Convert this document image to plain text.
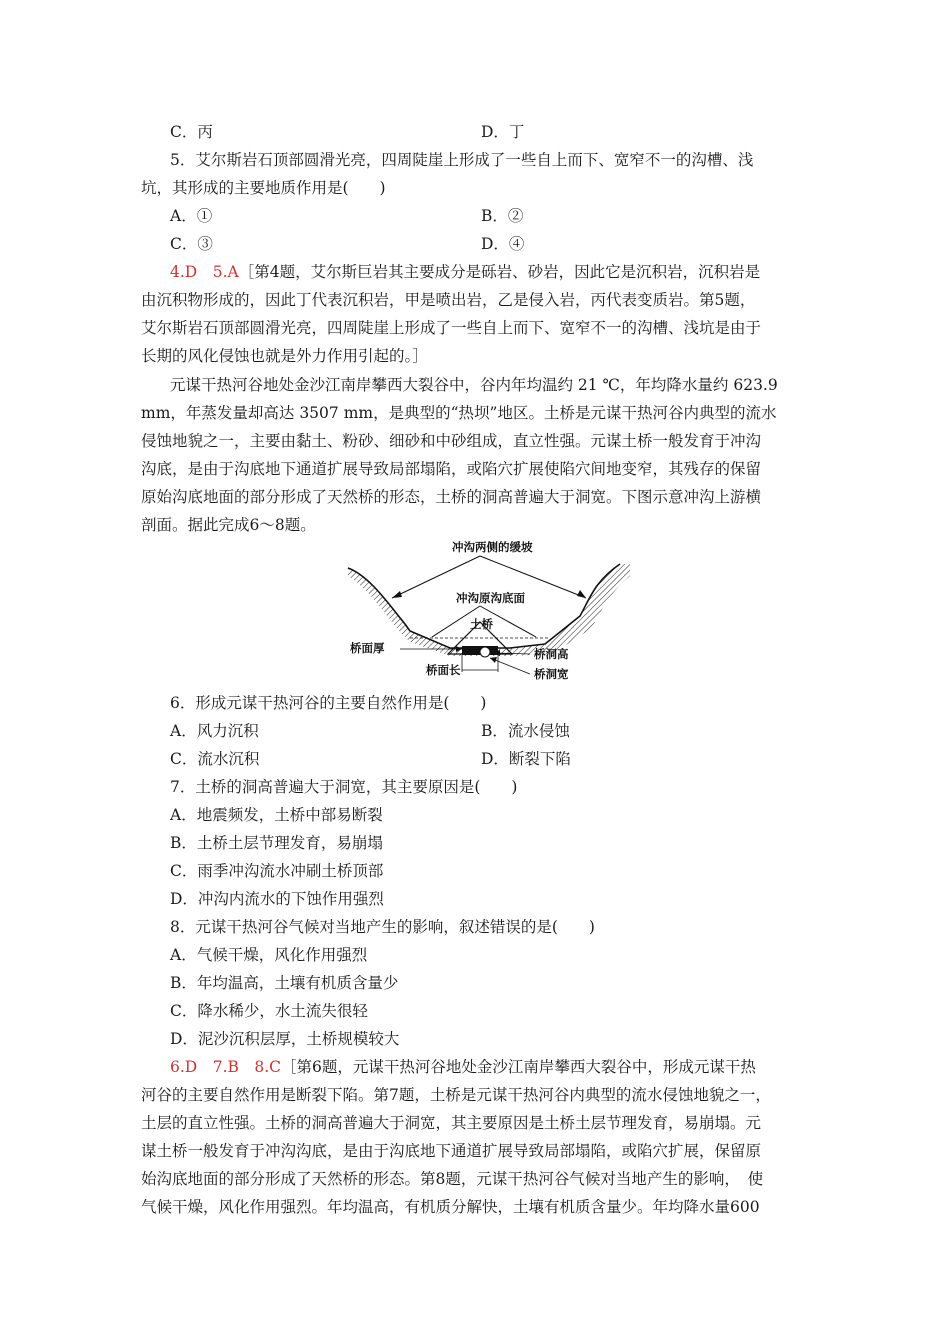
C．丙	D．丁
5．艾尔斯岩石顶部圆滑光亮，四周陡崖上形成了一些自上而下、宽窄不一的沟槽、浅
坑，其形成的主要地质作用是(　　)
A．①	B．②
C．③	D．④
4.D　5.A［第4题，艾尔斯巨岩其主要成分是砾岩、砂岩，因此它是沉积岩，沉积岩是
由沉积物形成的，因此丁代表沉积岩，甲是喷出岩，乙是侵入岩，丙代表变质岩。第5题，
艾尔斯岩石顶部圆滑光亮，四周陡崖上形成了一些自上而下、宽窄不一的沟槽、浅坑是由于
长期的风化侵蚀也就是外力作用引起的。］
元谋干热河谷地处金沙江南岸攀西大裂谷中，谷内年均温约 21 ℃，年均降水量约 623.9
mm，年蒸发量却高达 3507 mm，是典型的“热坝”地区。土桥是元谋干热河谷内典型的流水
侵蚀地貌之一，主要由黏土、粉砂、细砂和中砂组成，直立性强。元谋土桥一般发育于冲沟
沟底，是由于沟底地下通道扩展导致局部塌陷，或陷穴扩展使陷穴间地变窄，其残存的保留
原始沟底地面的部分形成了天然桥的形态，土桥的洞高普遍大于洞宽。下图示意冲沟上游横
剖面。据此完成6～8题。
冲沟两侧的缓坡
冲沟原沟底面
土桥
桥面厚
桥面长
桥洞高
桥洞宽
6．形成元谋干热河谷的主要自然作用是(　　)
A．风力沉积	B．流水侵蚀
C．流水沉积	D．断裂下陷
7．土桥的洞高普遍大于洞宽，其主要原因是(　　)
A．地震频发，土桥中部易断裂
B．土桥土层节理发育，易崩塌
C．雨季冲沟流水冲刷土桥顶部
D．冲沟内流水的下蚀作用强烈
8．元谋干热河谷气候对当地产生的影响，叙述错误的是(　　)
A．气候干燥，风化作用强烈
B．年均温高，土壤有机质含量少
C．降水稀少，水土流失很轻
D．泥沙沉积层厚，土桥规模较大
6.D　7.B　8.C［第6题，元谋干热河谷地处金沙江南岸攀西大裂谷中，形成元谋干热
河谷的主要自然作用是断裂下陷。第7题，土桥是元谋干热河谷内典型的流水侵蚀地貌之一，
土层的直立性强。土桥的洞高普遍大于洞宽，其主要原因是土桥土层节理发育，易崩塌。元
谋土桥一般发育于冲沟沟底，是由于沟底地下通道扩展导致局部塌陷，或陷穴扩展，保留原
始沟底地面的部分形成了天然桥的形态。第8题，元谋干热河谷气候对当地产生的影响，　使
气候干燥，风化作用强烈。年均温高，有机质分解快，土壤有机质含量少。年均降水量600
